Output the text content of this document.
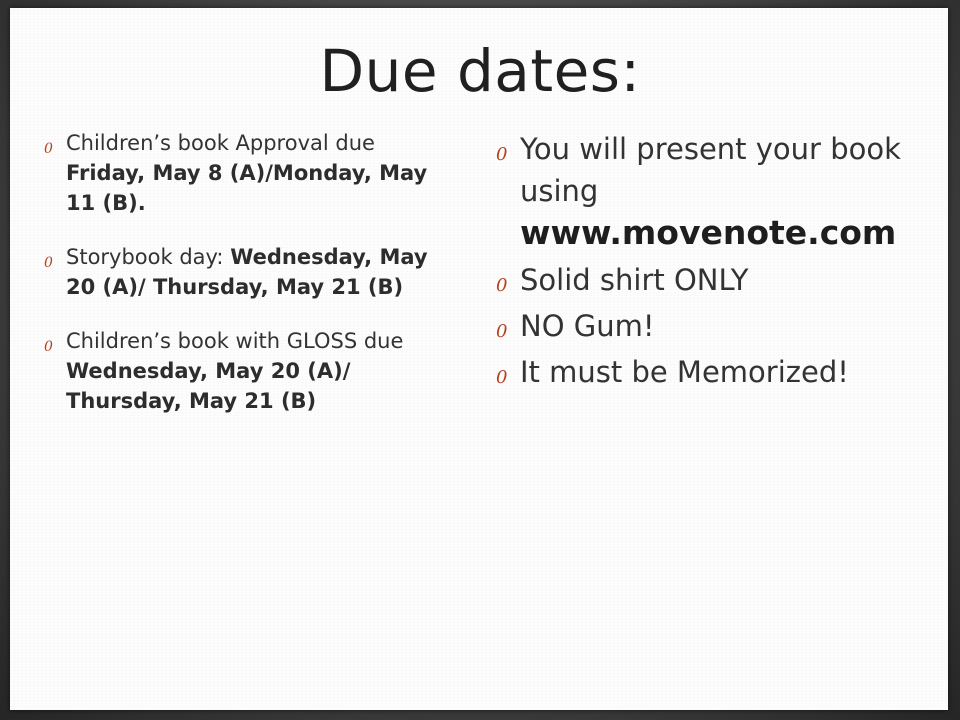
Due dates:
0 Children’s book Approval due Friday, May 8 (A)/Monday, May 11 (B).
0 Storybook day: Wednesday, May 20 (A)/ Thursday, May 21 (B)
0 Children’s book with GLOSS due Wednesday, May 20 (A)/ Thursday, May 21 (B)
0 You will present your book using www.movenote.com
0 Solid shirt ONLY
0 NO Gum!
0 It must be Memorized!
